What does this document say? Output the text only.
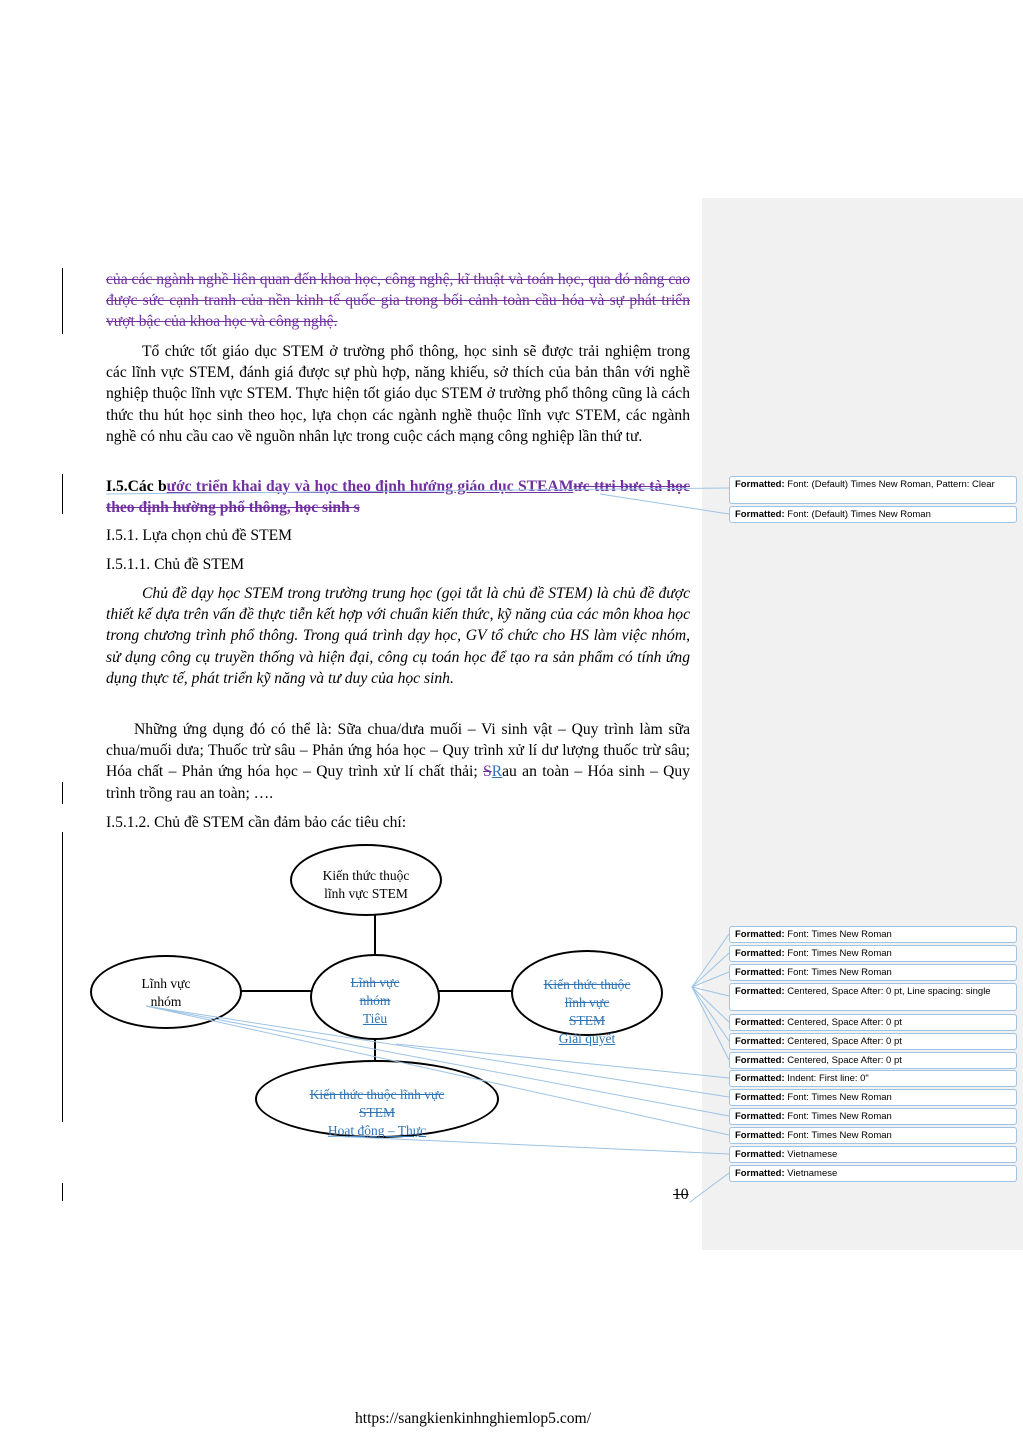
của các ngành nghề liên quan đến khoa học, công nghệ, kĩ thuật và toán học, qua đó nâng cao được sức cạnh tranh của nền kinh tế quốc gia trong bối cảnh toàn cầu hóa và sự phát triển vượt bậc của khoa học và công nghệ.
Tổ chức tốt giáo dục STEM ở trường phổ thông, học sinh sẽ được trải nghiệm trong các lĩnh vực STEM, đánh giá được sự phù hợp, năng khiếu, sở thích của bản thân với nghề nghiệp thuộc lĩnh vực STEM. Thực hiện tốt giáo dục STEM ở trường phổ thông cũng là cách thức thu hút học sinh theo học, lựa chọn các ngành nghề thuộc lĩnh vực STEM, các ngành nghề có nhu cầu cao về nguồn nhân lực trong cuộc cách mạng công nghiệp lần thứ tư.
I.5.Các bước triển khai dạy và học theo định hướng giáo dục STEAMưc ttri bưc tà học theo định hường phổ thông, học sinh s
I.5.1. Lựa chọn chủ đề STEM
I.5.1.1. Chủ đề STEM
Chủ đề dạy học STEM trong trường trung học (gọi tắt là chủ đề STEM) là chủ đề được thiết kế dựa trên vấn đề thực tiễn kết hợp với chuẩn kiến thức, kỹ năng của các môn khoa học trong chương trình phổ thông. Trong quá trình dạy học, GV tổ chức cho HS làm việc nhóm, sử dụng công cụ truyền thống và hiện đại, công cụ toán học để tạo ra sản phẩm có tính ứng dụng thực tế, phát triển kỹ năng và tư duy của học sinh.
Những ứng dụng đó có thể là: Sữa chua/dưa muối – Vi sinh vật – Quy trình làm sữa chua/muối dưa; Thuốc trừ sâu – Phản ứng hóa học – Quy trình xử lí dư lượng thuốc trừ sâu; Hóa chất – Phản ứng hóa học – Quy trình xử lí chất thải; SRau an toàn – Hóa sinh – Quy trình trồng rau an toàn; ….
I.5.1.2. Chủ đề STEM cần đảm bảo các tiêu chí:
Kiến thức thuộc
lĩnh vực STEM
Lĩnh vực
nhóm
Lĩnh vực
nhóm
Tiêu
Kiến thức thuộc
lĩnh vực
STEM
Giải quyết
Kiến thức thuộc lĩnh vực
STEM
Hoạt động – Thực
Formatted: Font: (Default) Times New Roman, Pattern: Clear
Formatted: Font: (Default) Times New Roman
Formatted: Font: Times New Roman
Formatted: Font: Times New Roman
Formatted: Font: Times New Roman
Formatted: Centered, Space After: 0 pt, Line spacing: single
Formatted: Centered, Space After: 0 pt
Formatted: Centered, Space After: 0 pt
Formatted: Centered, Space After: 0 pt
Formatted: Indent: First line: 0"
Formatted: Font: Times New Roman
Formatted: Font: Times New Roman
Formatted: Font: Times New Roman
Formatted: Vietnamese
Formatted: Vietnamese
10
https://sangkienkinhnghiemlop5.com/
